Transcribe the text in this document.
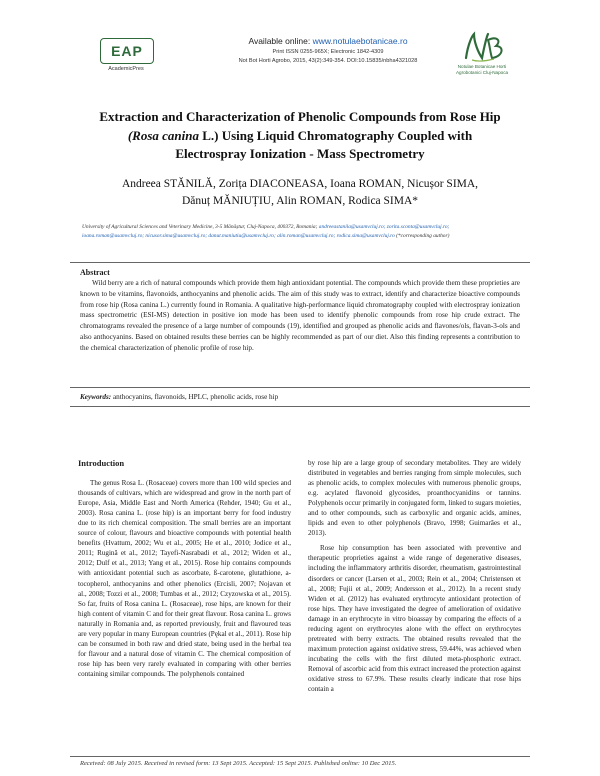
EAP
AcademicPres
Available online: www.notulaebotanicae.ro
Print ISSN 0255-965X; Electronic 1842-4309
Not Bot Horti Agrobo, 2015, 43(2):349-354. DOI:10.15835/nbha4321028
Notulae Botanicae Horti Agrobotanici Cluj-Napoca
Extraction and Characterization of Phenolic Compounds from Rose Hip
(Rosa canina L.) Using Liquid Chromatography Coupled with
Electrospray Ionization - Mass Spectrometry
Andreea STĂNILĂ, Zorița DIACONEASA, Ioana ROMAN, Nicușor SIMA,
Dănuț MĂNIUȚIU, Alin ROMAN, Rodica SIMA*
University of Agricultural Sciences and Veterinary Medicine, 3-5 Mănăștur, Cluj-Napoca, 400372, Romania; andreeastanila@usamvcluj.ro; zorita.sconta@usamvcluj.ro;
ioana.roman@usamvcluj.ro; nicusor.sima@usamvcluj.ro; danut.maniutiu@usamvcluj.ro; alin.roman@usamvcluj.ro; rodica.sima@usamvcluj.ro (*corresponding author)
Abstract
Wild berry are a rich of natural compounds which provide them high antioxidant potential. The compounds which provide them these proprieties are known to be vitamins, flavonoids, anthocyanins and phenolic acids. The aim of this study was to extract, identify and characterize bioactive compounds from rose hip (Rosa canina L.) currently found in Romania. A qualitative high-performance liquid chromatography coupled with electrospray ionization mass spectrometric (ESI-MS) detection in positive ion mode has been used to identify phenolic compounds from rose hip crude extract. The chromatograms revealed the presence of a large number of compounds (19), identified and grouped as phenolic acids and flavones/ols, flavan-3-ols and also anthocyanins. Based on obtained results these berries can be highly recommended as part of our diet. Also this finding represents a contribution to the chemical characterization of phenolic profile of rose hip.
Keywords: anthocyanins, flavonoids, HPLC, phenolic acids, rose hip
Introduction

The genus Rosa L. (Rosaceae) covers more than 100 wild species and thousands of cultivars, which are widespread and grow in the north part of Europe, Asia, Middle East and North America (Rehder, 1940; Gu et al., 2003). Rosa canina L. (rose hip) is an important berry for food industry due to its rich chemical composition. The small berries are an important source of colour, flavours and bioactive compounds with potential health benefits (Hvattum, 2002; Wu et al., 2005; He et al., 2010; Jodice et al., 2011; Rugină et al., 2012; Tayefi-Nasrabadi et al., 2012; Widen et al., 2012; Dulf et al., 2013; Yang et al., 2015). Rose hip contains compounds with antioxidant potential such as ascorbate, ß-carotene, glutathione, a-tocopherol, anthocyanins and other phenolics (Ercisli, 2007; Nojavan et al., 2008; Tozzi et al., 2008; Tumbas et al., 2012; Czyzowska et al., 2015). So far, fruits of Rosa canina L. (Rosaceae), rose hips, are known for their high content of vitamin C and for their great flavour. Rosa canina L. grows naturally in Romania and, as reported previously, fruit and flavoured teas are very popular in many European countries (Pękal et al., 2011). Rose hip can be consumed in both raw and dried state, being used in the herbal tea for flavour and a natural dose of vitamin C. The chemical composition of rose hip has been very rarely evaluated in comparing with other berries containing similar compounds. The polyphenols contained

by rose hip are a large group of secondary metabolites. They are widely distributed in vegetables and berries ranging from simple molecules, such as phenolic acids, to complex molecules with numerous phenolic groups, e.g. acylated flavonoid glycosides, proanthocyanidins or tannins. Polyphenols occur primarily in conjugated form, linked to sugars moieties, and to other compounds, such as carboxylic and organic acids, amines, lipids and even to other polyphenols (Bravo, 1998; Guimarães et al., 2013).

Rose hip consumption has been associated with preventive and therapeutic proprieties against a wide range of degenerative diseases, including the inflammatory arthritis disorder, rheumatism, gastrointestinal disorders or cancer (Larsen et al., 2003; Rein et al., 2004; Christensen et al., 2008; Fujii et al., 2009; Andersson et al., 2012). In a recent study Widen et al. (2012) has evaluated erythrocyte antioxidant protection of rose hips. They have investigated the degree of amelioration of oxidative damage in an erythrocyte in vitro bioassay by comparing the effects of a reducing agent on erythrocytes alone with the effect on erythrocytes pretreated with berry extracts. The obtained results revealed that the maximum protection against oxidative stress, 59.44%, was achieved when incubating the cells with the first diluted meta-phosphoric extract. Removal of ascorbic acid from this extract increased the protection against oxidative stress to 67.9%. These results clearly indicate that rose hips contain a

Received: 08 July 2015. Received in revised form: 13 Sept 2015. Accepted: 15 Sept 2015. Published online: 10 Dec 2015.
